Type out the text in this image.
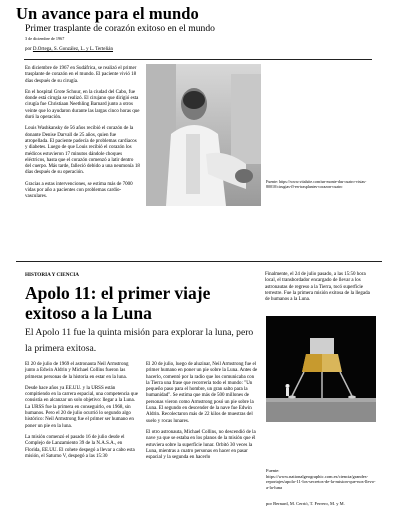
Un avance para el mundo
Primer trasplante de corazón exitoso en el mundo
3 de diciembre de 1967
por D.Ortega, S. González, L. y L. Tertelián

En diciembre de 1967 en Sudáfrica, se realizó el primer trasplante de corazón en el mundo. El paciente vivió 18 días después de su cirugía.

En el hospital Grote Schuur, en la ciudad del Cabo, fue donde está cirugía se realizó. El cirujano que dirigió esta cirugía fue Christiaan Neethling Barnard junto a otros veinte que lo ayudaron durante las largas cinco horas que duró la operación.

Louis Washkansky de 56 años recibió el corazón de la donante Denise Darvall de 25 años, quien fue atropellada. El paciente padecía de problemas cardiacos y diabetes. Luego de que Louis recibió el corazón los médicos estuvieron 17 minutos dándole choques eléctricos, hasta que el corazón comenzó a latir dentro del cuerpo. Más tarde, falleció debido a una neumonía 18 días después de su operación.

Gracias a estas intervenciones, se estima más de 7000 vidas por año a pacientes con problemas cardio-vasculares.

Fuente: https://www.vitalsite.com/un-monte-das-cuatro-vistas-80010/cirugias-fl-en-trasplantes-corazon-cuatro
HISTORIA Y CIENCIA
Apolo 11: el primer viaje exitoso a la Luna
El Apolo 11 fue la quinta misión para explorar la luna, pero la primera exitosa.

El 20 de julio de 1969 el astronauta Neil Armstrong junto a Edwin Aldrin y Michael Collins fueron las primeras personas de la historia en estar en la luna.

Desde hace años ya EE.UU. y la URSS están compitiendo en la carrera espacial, una competencia que consistía en alcanzar un solo objetivo: llegar a la Luna. La URSS fue la primera en conseguirlo, en 1968, sin humanos. Pero el 20 de julio ocurrió lo segundo algo histórico: Neil Armstrong fue el primer ser humano en poner un pie en la luna.

La misión comenzó el pasado 16 de julio desde el Complejo de Lanzamiento 39 de la N.A.S.A., en Florida, EE.UU. El cohete despegó a llevar a cabo esta misión, el Saturno V, despegó a las 15:30

El 20 de julio, luego de aluzinar, Neil Armstrong fue el primer humano en poner un pie sobre la Luna. Antes de hacerlo, comentó por la radio que los comunicaba con la Tierra una frase que recorrería todo el mundo: "Un pequeño paso para el hombre, un gran salto para la humanidad". Se estima que más de 500 millones de personas vieron como Armstrong posó un pie sobre la Luna. El segundo en descender de la nave fue Edwin Aldrin. Recolectaron más de 22 kilos de muestras del suelo y rocas lunares.

El otro astronauta, Michael Collins, no descendió de la nave ya que se estaba en los planos de la misión que él estuviera sobre la superficie lunar. Orbitó 30 veces la Luna, mientras a cuatro personas en hacer en pasar espacial y la segunda en hacerlo

Finalmente, el 24 de julio pasado, a las 15:50 hora local, el transbordador encargado de llevar a los astronautas de regreso a la Tierra, tocó superficie terrestre. Fue la primera misión exitosa de la llegada de humanos a la Luna.
Fuente: https://www.nationalgeographic.com.es/ciencia/grandes-reportajes/apolo-11-los-secretos-de-la-mision-que-nos-llevo-a-la-luna
por Bernard, M. Cerrió, T. Ferrero, M. y M.
